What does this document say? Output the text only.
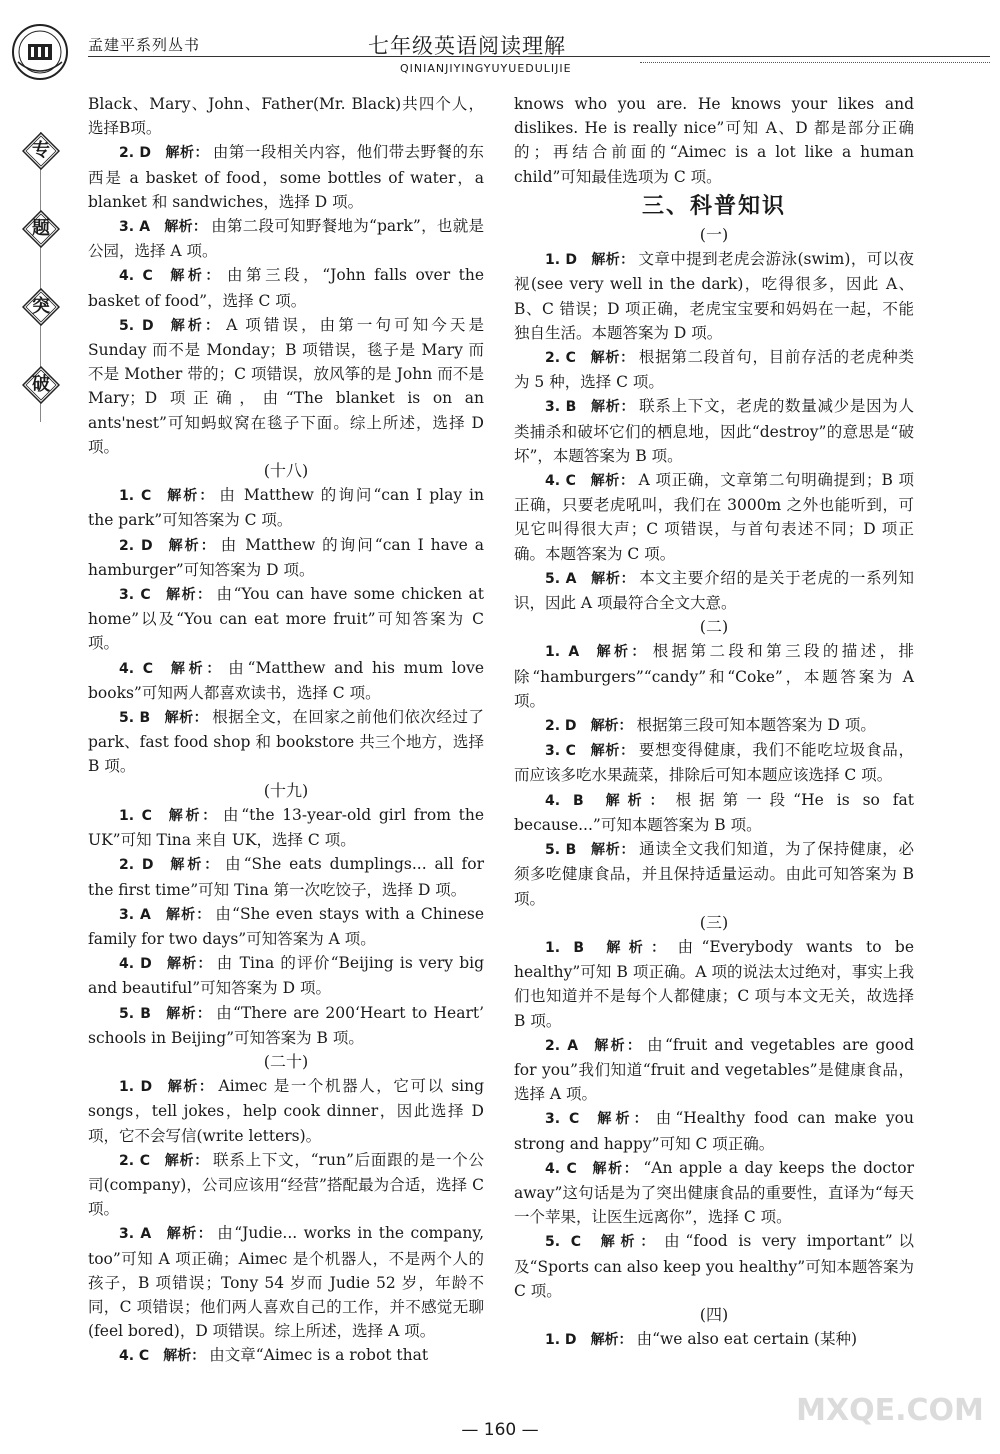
孟建平系列丛书	七年级英语阅读理解
QINIANJIYINGYUYUEDULIJIE
专
题
突
破

Black、Mary、John、Father(Mr. Black)共四个人，选择B项。

2. D 解析： 由第一段相关内容，他们带去野餐的东西是 a basket of food，some bottles of water，a blanket 和 sandwiches，选择 D 项。

3. A 解析： 由第二段可知野餐地为“park”，也就是公园，选择 A 项。

4. C 解析： 由第三段，“John falls over the basket of food”，选择 C 项。

5. D 解析： A 项错误，由第一句可知今天是 Sunday 而不是 Monday；B 项错误，毯子是 Mary 而不是 Mother 带的；C 项错误，放风筝的是 John 而不是 Mary；D 项正确，由“The blanket is on an ants'nest”可知蚂蚁窝在毯子下面。综上所述，选择 D 项。

(十八)

1. C 解析： 由 Matthew 的询问“can I play in the park”可知答案为 C 项。

2. D 解析： 由 Matthew 的询问“can I have a hamburger”可知答案为 D 项。

3. C 解析： 由“You can have some chicken at home”以及“You can eat more fruit”可知答案为 C 项。

4. C 解析： 由“Matthew and his mum love books”可知两人都喜欢读书，选择 C 项。

5. B 解析： 根据全文，在回家之前他们依次经过了 park、fast food shop 和 bookstore 共三个地方，选择 B 项。

(十九)

1. C 解析： 由“the 13-year-old girl from the UK”可知 Tina 来自 UK，选择 C 项。

2. D 解析： 由“She eats dumplings... all for the first time”可知 Tina 第一次吃饺子，选择 D 项。

3. A 解析： 由“She even stays with a Chinese family for two days”可知答案为 A 项。

4. D 解析： 由 Tina 的评价“Beijing is very big and beautiful”可知答案为 D 项。

5. B 解析： 由“There are 200‘Heart to Heart’ schools in Beijing”可知答案为 B 项。

(二十)

1. D 解析： Aimec 是一个机器人，它可以 sing songs，tell jokes，help cook dinner，因此选择 D 项，它不会写信(write letters)。

2. C 解析： 联系上下文，“run”后面跟的是一个公司(company)，公司应该用“经营”搭配最为合适，选择 C 项。

3. A 解析： 由“Judie... works in the company, too”可知 A 项正确；Aimec 是个机器人，不是两个人的孩子，B 项错误；Tony 54 岁而 Judie 52 岁，年龄不同，C 项错误；他们两人喜欢自己的工作，并不感觉无聊(feel bored)，D 项错误。综上所述，选择 A 项。

4. C 解析： 由文章“Aimec is a robot that

knows who you are. He knows your likes and dislikes. He is really nice”可知 A、D 都是部分正确的；再结合前面的“Aimec is a lot like a human child”可知最佳选项为 C 项。

三、科普知识

(一)

1. D 解析： 文章中提到老虎会游泳(swim)，可以夜视(see very well in the dark)，吃得很多，因此 A、B、C 错误；D 项正确，老虎宝宝要和妈妈在一起，不能独自生活。本题答案为 D 项。

2. C 解析： 根据第二段首句，目前存活的老虎种类为 5 种，选择 C 项。

3. B 解析： 联系上下文，老虎的数量减少是因为人类捕杀和破坏它们的栖息地，因此“destroy”的意思是“破坏”，本题答案为 B 项。

4. C 解析： A 项正确，文章第二句明确提到；B 项正确，只要老虎吼叫，我们在 3000m 之外也能听到，可见它叫得很大声；C 项错误，与首句表述不同；D 项正确。本题答案为 C 项。

5. A 解析： 本文主要介绍的是关于老虎的一系列知识，因此 A 项最符合全文大意。

(二)

1. A 解析： 根据第二段和第三段的描述，排除“hamburgers”“candy”和“Coke”，本题答案为 A 项。

2. D 解析： 根据第三段可知本题答案为 D 项。

3. C 解析： 要想变得健康，我们不能吃垃圾食品，而应该多吃水果蔬菜，排除后可知本题应该选择 C 项。

4. B 解析： 根据第一段“He is so fat because...”可知本题答案为 B 项。

5. B 解析： 通读全文我们知道，为了保持健康，必须多吃健康食品，并且保持适量运动。由此可知答案为 B 项。

(三)

1. B 解析： 由“Everybody wants to be healthy”可知 B 项正确。A 项的说法太过绝对，事实上我们也知道并不是每个人都健康；C 项与本文无关，故选择 B 项。

2. A 解析： 由“fruit and vegetables are good for you”我们知道“fruit and vegetables”是健康食品，选择 A 项。

3. C 解析： 由“Healthy food can make you strong and happy”可知 C 项正确。

4. C 解析： “An apple a day keeps the doctor away”这句话是为了突出健康食品的重要性，直译为“每天一个苹果，让医生远离你”，选择 C 项。

5. C 解析： 由“food is very important”以及“Sports can also keep you healthy”可知本题答案为 C 项。

(四)

1. D 解析： 由“we also eat certain (某种)

— 160 —
MXQE.COM
